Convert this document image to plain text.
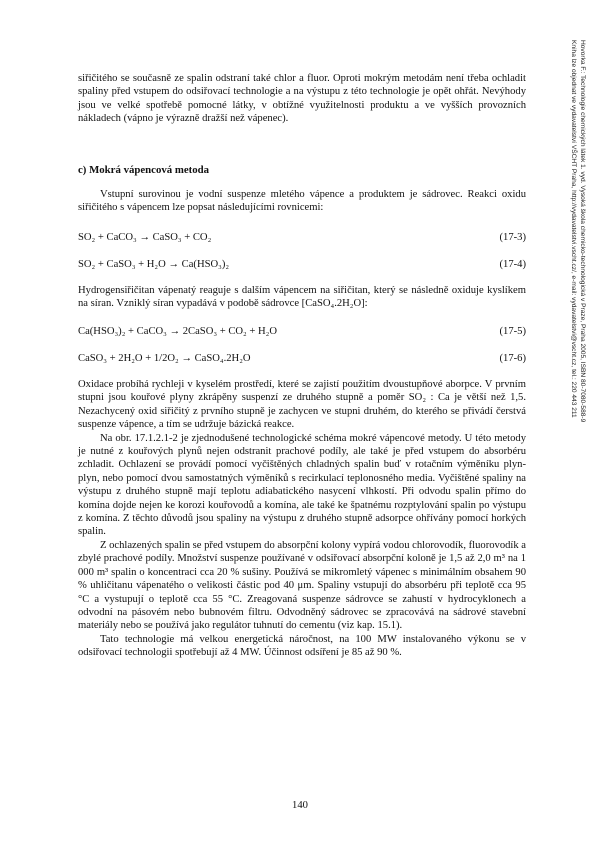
siřičitého se současně ze spalin odstraní také chlor a fluor. Oproti mokrým metodám není třeba ochladit spaliny před vstupem do odsiřovací technologie a na výstupu z této technologie je opět ohřát. Nevýhody jsou ve velké spotřebě pomocné látky, v obtížné využitelnosti produktu a ve vyšších provozních nákladech (vápno je výrazně dražší než vápenec).

c) Mokrá vápencová metoda

Vstupní surovinou je vodní suspenze mletého vápence a produktem je sádrovec. Reakci oxidu siřičitého s vápencem lze popsat následujícími rovnicemi:

SO₂ + CaCO₃ → CaSO₃ + CO₂	(17-3)
SO₂ + CaSO₃ + H₂O → Ca(HSO₃)₂	(17-4)

Hydrogensiřičitan vápenatý reaguje s dalším vápencem na siřičitan, který se následně oxiduje kyslíkem na síran. Vzniklý síran vypadává v podobě sádrovce [CaSO₄.2H₂O]:

Ca(HSO₃)₂ + CaCO₃ → 2CaSO₃ + CO₂ + H₂O	(17-5)
CaSO₃ + 2H₂O + 1/2O₂ → CaSO₄.2H₂O	(17-6)

Oxidace probíhá rychleji v kyselém prostředí, které se zajistí použitím dvoustupňové aborpce. V prvním stupni jsou kouřové plyny zkrápěny suspenzí ze druhého stupně a poměr SO₂ : Ca je větší než 1,5. Nezachycený oxid siřičitý z prvního stupně je zachycen ve stupni druhém, do kterého se přivádí čerstvá suspenze vápence, a tím se udržuje bázická reakce.

Na obr. 17.1.2.1-2 je zjednodušené technologické schéma mokré vápencové metody. U této metody je nutné z kouřových plynů nejen odstranit prachové podíly, ale také je před vstupem do absorbéru zchladit. Ochlazení se provádí pomocí vyčištěných chladných spalin buď v rotačním výměníku plyn-plyn, nebo pomocí dvou samostatných výměníků s recirkulací teplonosného media. Vyčištěné spaliny na výstupu z druhého stupně mají teplotu adiabatického nasycení vlhkostí. Při odvodu spalin přímo do komína dojde nejen ke korozi kouřovodů a komína, ale také ke špatnému rozptylování spalin po výstupu z komína. Z těchto důvodů jsou spaliny na výstupu z druhého stupně adsorpce ohřívány pomocí horkých spalin.

Z ochlazených spalin se před vstupem do absorpční kolony vypírá vodou chlorovodík, fluorovodík a zbylé prachové podíly. Množství suspenze používané v odsiřovací absorpční koloně je 1,5 až 2,0 m³ na 1 000 m³ spalin o koncentraci cca 20 % sušiny. Používá se mikromletý vápenec s minimálním obsahem 90 % uhličitanu vápenatého o velikosti částic pod 40 μm. Spaliny vstupují do absorbéru při teplotě cca 95 °C a vystupují o teplotě cca 55 °C. Zreagovaná suspenze sádrovce se zahustí v hydrocyklonech a odvodní na pásovém nebo bubnovém filtru. Odvodněný sádrovec se zpracovává na sádrové stavební materiály nebo se používá jako regulátor tuhnutí do cementu (viz kap. 15.1).

Tato technologie má velkou energetická náročnost, na 100 MW instalovaného výkonu se v odsiřovací technologii spotřebují až 4 MW. Účinnost odsíření je 85 až 90 %.

Hovorka F.: Technologie chemických látek 1. vyd. Vysoká škola chemicko-technologická v Praze, Praha 2005, ISBN 80-7080-588-9
Kniha lze objednat ve vydavatelství VŠCHT Praha, http://vydavatelstvi.vscht.cz/, e-mail: vydavatelstvi@vscht.cz, tel.: 220 443 211
140
